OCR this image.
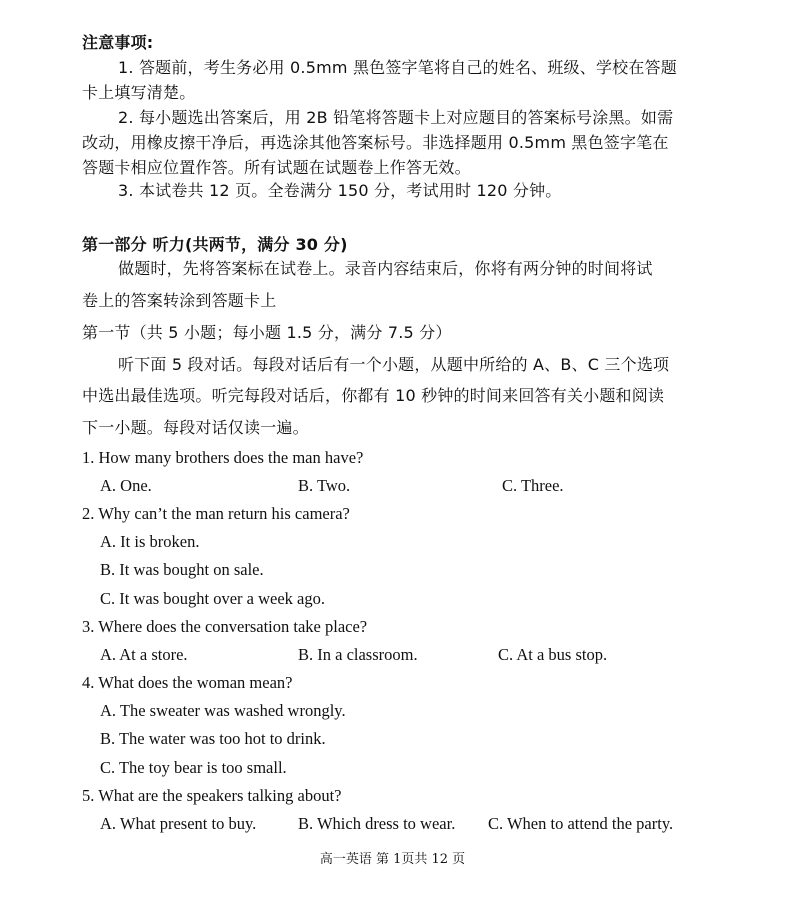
注意事项:
1. 答题前，考生务必用 0.5mm 黑色签字笔将自己的姓名、班级、学校在答题
卡上填写清楚。
2. 每小题选出答案后，用 2B 铅笔将答题卡上对应题目的答案标号涂黑。如需
改动，用橡皮擦干净后，再选涂其他答案标号。非选择题用 0.5mm 黑色签字笔在
答题卡相应位置作答。所有试题在试题卷上作答无效。
3. 本试卷共 12 页。全卷满分 150 分，考试用时 120 分钟。
第一部分 听力(共两节，满分 30 分)
做题时，先将答案标在试卷上。录音内容结束后，你将有两分钟的时间将试
卷上的答案转涂到答题卡上
第一节（共 5 小题；每小题 1.5 分，满分 7.5 分）
听下面 5 段对话。每段对话后有一个小题，从题中所给的 A、B、C 三个选项
中选出最佳选项。听完每段对话后，你都有 10 秒钟的时间来回答有关小题和阅读
下一小题。每段对话仅读一遍。
1. How many brothers does the man have?
A. One.	B. Two.	C. Three.
2. Why can’t the man return his camera?
A. It is broken.
B. It was bought on sale.
C. It was bought over a week ago.
3. Where does the conversation take place?
A. At a store.	B. In a classroom.	C. At a bus stop.
4. What does the woman mean?
A. The sweater was washed wrongly.
B. The water was too hot to drink.
C. The toy bear is too small.
5. What are the speakers talking about?
A. What present to buy.	B. Which dress to wear. C. When to attend the party.
高一英语 第 1页共 12 页
